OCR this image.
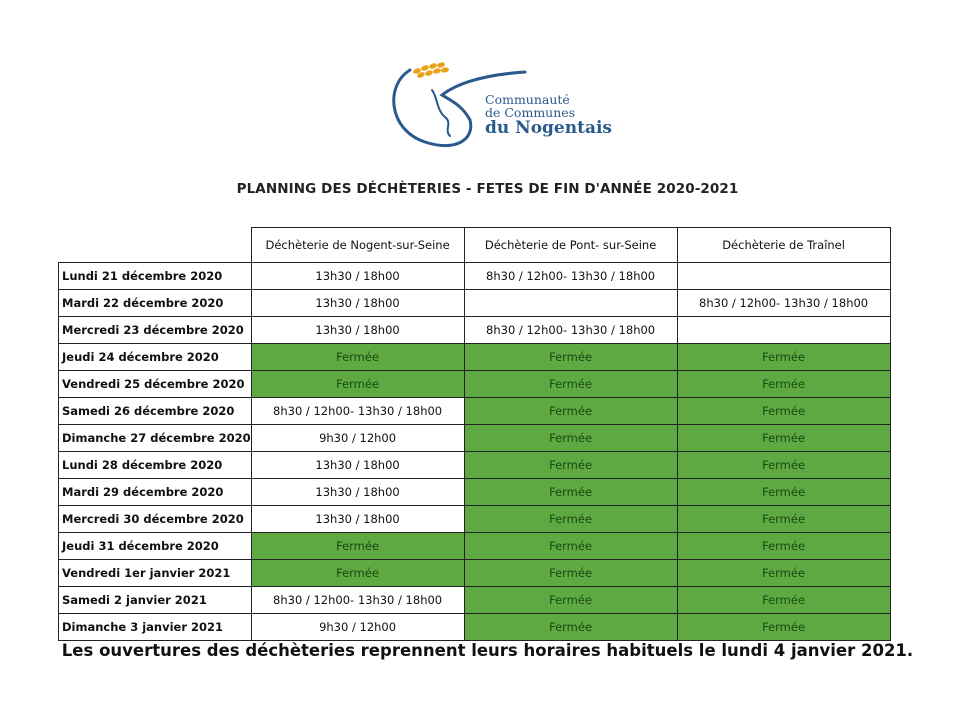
Communauté
de Communes
du Nogentais
PLANNING DES DÉCHÈTERIES - FETES DE FIN D'ANNÉE 2020-2021
	Déchèterie de Nogent-sur-Seine	Déchèterie de Pont- sur-Seine	Déchèterie de Traînel
Lundi 21 décembre 2020	13h30 / 18h00	8h30 / 12h00- 13h30 / 18h00	
Mardi 22 décembre 2020	13h30 / 18h00		8h30 / 12h00- 13h30 / 18h00
Mercredi 23 décembre 2020	13h30 / 18h00	8h30 / 12h00- 13h30 / 18h00	
Jeudi 24 décembre 2020	Fermée	Fermée	Fermée
Vendredi 25 décembre 2020	Fermée	Fermée	Fermée
Samedi 26 décembre 2020	8h30 / 12h00- 13h30 / 18h00	Fermée	Fermée
Dimanche 27 décembre 2020	9h30 / 12h00	Fermée	Fermée
Lundi 28 décembre 2020	13h30 / 18h00	Fermée	Fermée
Mardi 29 décembre 2020	13h30 / 18h00	Fermée	Fermée
Mercredi 30 décembre 2020	13h30 / 18h00	Fermée	Fermée
Jeudi 31 décembre 2020	Fermée	Fermée	Fermée
Vendredi 1er janvier 2021	Fermée	Fermée	Fermée
Samedi 2 janvier 2021	8h30 / 12h00- 13h30 / 18h00	Fermée	Fermée
Dimanche 3 janvier 2021	9h30 / 12h00	Fermée	Fermée
Les ouvertures des déchèteries reprennent leurs horaires habituels le lundi 4 janvier 2021.
